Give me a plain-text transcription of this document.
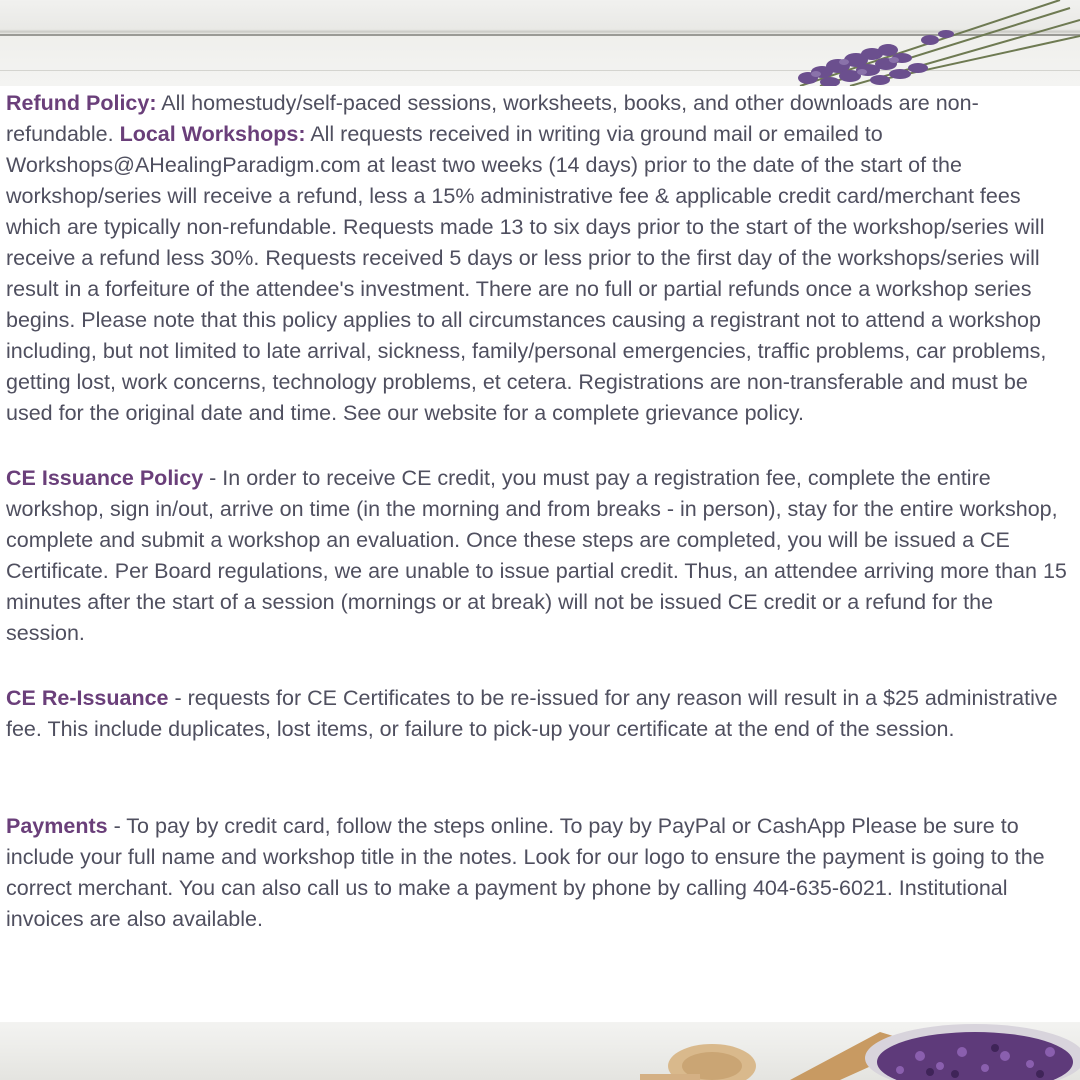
Refund Policy: All homestudy/self-paced sessions, worksheets, books, and other downloads are non-refundable. Local Workshops: All requests received in writing via ground mail or emailed to Workshops@AHealingParadigm.com at least two weeks (14 days) prior to the date of the start of the workshop/series will receive a refund, less a 15% administrative fee & applicable credit card/merchant fees which are typically non-refundable. Requests made 13 to six days prior to the start of the workshop/series will receive a refund less 30%. Requests received 5 days or less prior to the first day of the workshops/series will result in a forfeiture of the attendee's investment. There are no full or partial refunds once a workshop series begins. Please note that this policy applies to all circumstances causing a registrant not to attend a workshop including, but not limited to late arrival, sickness, family/personal emergencies, traffic problems, car problems, getting lost, work concerns, technology problems, et cetera. Registrations are non-transferable and must be used for the original date and time. See our website for a complete grievance policy.

CE Issuance Policy - In order to receive CE credit, you must pay a registration fee, complete the entire workshop, sign in/out, arrive on time (in the morning and from breaks - in person), stay for the entire workshop, complete and submit a workshop an evaluation. Once these steps are completed, you will be issued a CE Certificate. Per Board regulations, we are unable to issue partial credit. Thus, an attendee arriving more than 15 minutes after the start of a session (mornings or at break) will not be issued CE credit or a refund for the session.

CE Re-Issuance - requests for CE Certificates to be re-issued for any reason will result in a $25 administrative fee. This include duplicates, lost items, or failure to pick-up your certificate at the end of the session.

Payments - To pay by credit card, follow the steps online. To pay by PayPal or CashApp Please be sure to include your full name and workshop title in the notes. Look for our logo to ensure the payment is going to the correct merchant. You can also call us to make a payment by phone by calling 404-635-6021. Institutional invoices are also available.
